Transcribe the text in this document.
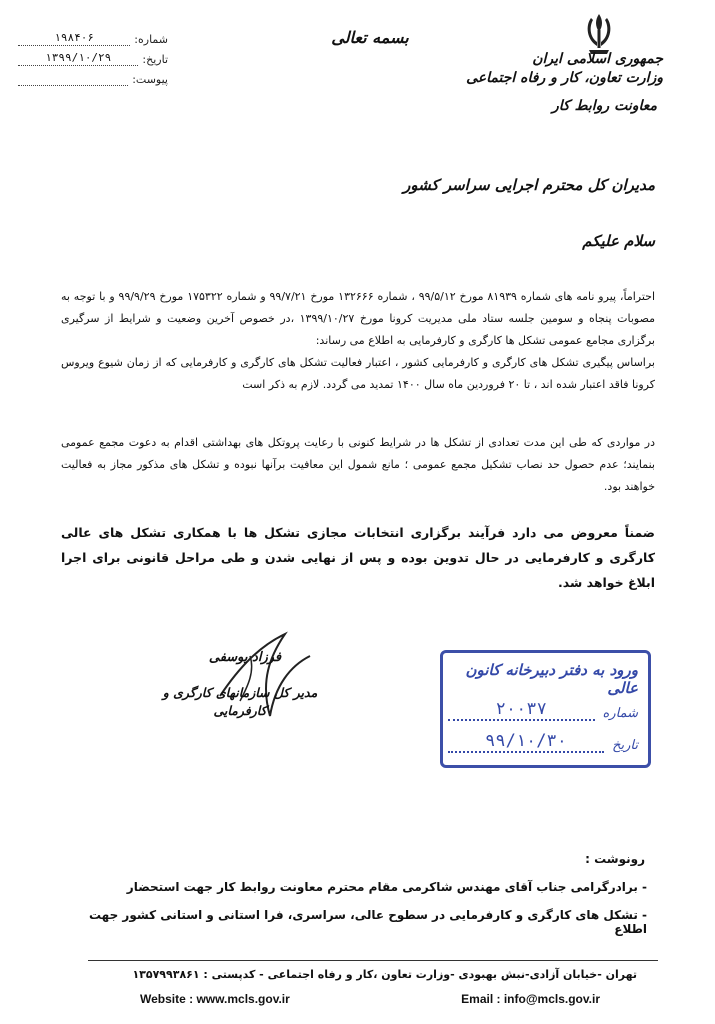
جمهوری اسلامی ایران
وزارت تعاون، کار و رفاه اجتماعی
معاونت روابط کار
بسمه تعالی
۱۹۸۴۰۶	شماره:
۱۳۹۹/۱۰/۲۹	تاریخ:
پیوست:
مدیران کل محترم اجرایی سراسر کشور
سلام علیکم
احتراماً، پیرو نامه های شماره ۸۱۹۳۹ مورخ ۹۹/۵/۱۲ ، شماره ۱۳۲۶۶۶ مورخ ۹۹/۷/۲۱ و شماره ۱۷۵۳۲۲ مورخ ۹۹/۹/۲۹ و با توجه به مصوبات پنجاه و سومین جلسه ستاد ملی مدیریت کرونا مورخ ۱۳۹۹/۱۰/۲۷ ،در خصوص آخرین وضعیت و شرایط از سرگیری برگزاری مجامع عمومی تشکل ها کارگری و کارفرمایی به اطلاع می رساند:
براساس پیگیری تشکل های کارگری و کارفرمایی کشور ، اعتبار فعالیت تشکل های کارگری و کارفرمایی که از زمان شیوع ویروس کرونا فاقد اعتبار شده اند ، تا ۲۰ فروردین ماه سال ۱۴۰۰ تمدید می گردد. لازم به ذکر است
در مواردی که طی این مدت تعدادی از تشکل ها در شرایط کنونی با رعایت پروتکل های بهداشتی اقدام به دعوت مجمع عمومی بنمایند؛ عدم حصول حد نصاب تشکیل مجمع عمومی ؛ مانع شمول این معافیت برآنها نبوده و تشکل های مذکور مجاز به فعالیت خواهند بود.
ضمناً معروض می دارد فرآیند برگزاری انتخابات مجازی تشکل ها با همکاری تشکل های عالی کارگری و کارفرمایی در حال تدوین بوده و پس از نهایی شدن و طی مراحل قانونی برای اجرا ابلاغ خواهد شد.
فرزاد یوسفی
مدیر کل سازمانهای کارگری و کارفرمایی
ورود به دفتر دبیرخانه کانون عالی
شماره
۲۰۰۳۷
تاریخ
۹۹/۱۰/۳۰
رونوشت :
- برادرگرامی جناب آقای مهندس شاکرمی مقام محترم معاونت روابط کار جهت استحضار
- تشکل های کارگری و کارفرمایی در سطوح عالی، سراسری، فرا استانی و استانی کشور جهت اطلاع
تهران -خیابان آزادی-نبش بهبودی -وزارت تعاون ،کار و رفاه اجتماعی - کدپستی : ۱۳۵۷۹۹۳۸۶۱
Website : www.mcls.gov.ir	Email : info@mcls.gov.ir
